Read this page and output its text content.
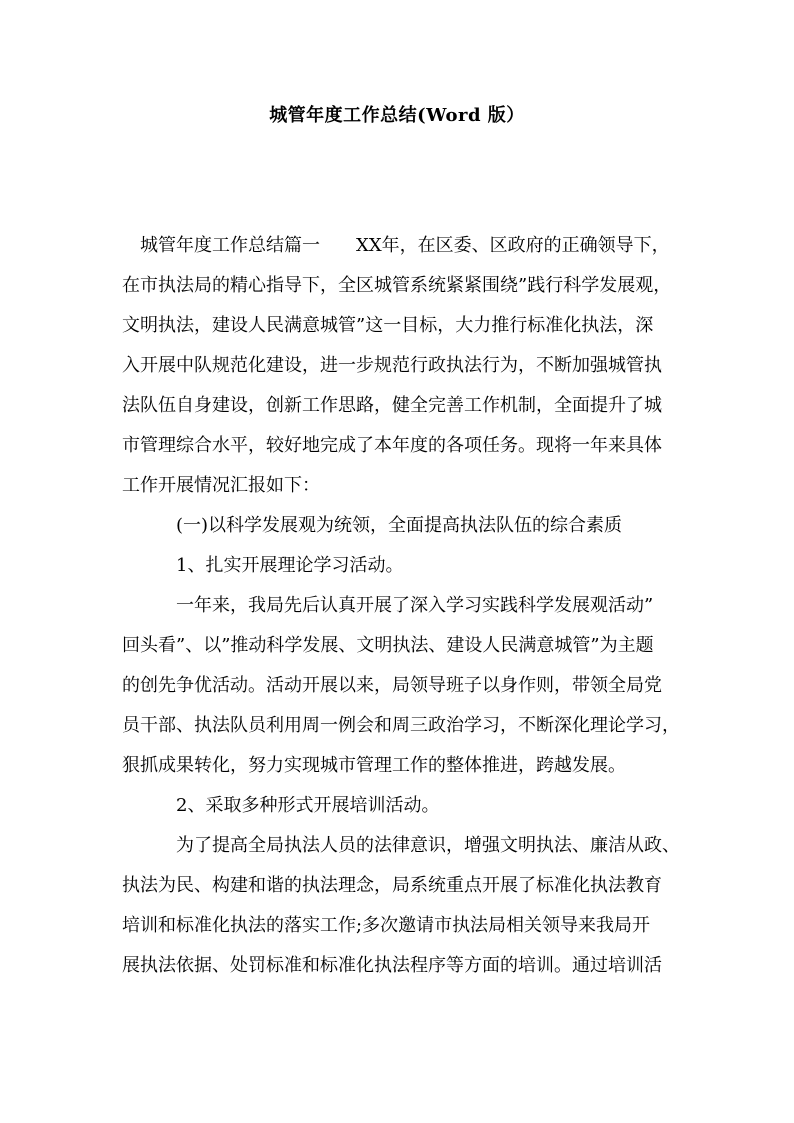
城管年度工作总结(Word 版）
城管年度工作总结篇一　　XX年，在区委、区政府的正确领导下，
在市执法局的精心指导下，全区城管系统紧紧围绕”践行科学发展观，
文明执法，建设人民满意城管”这一目标，大力推行标准化执法，深
入开展中队规范化建设，进一步规范行政执法行为，不断加强城管执
法队伍自身建设，创新工作思路，健全完善工作机制，全面提升了城
市管理综合水平，较好地完成了本年度的各项任务。现将一年来具体
工作开展情况汇报如下：
(一)以科学发展观为统领，全面提高执法队伍的综合素质
1、扎实开展理论学习活动。
一年来，我局先后认真开展了深入学习实践科学发展观活动”
回头看”、以”推动科学发展、文明执法、建设人民满意城管”为主题
的创先争优活动。活动开展以来，局领导班子以身作则，带领全局党
员干部、执法队员利用周一例会和周三政治学习，不断深化理论学习，
狠抓成果转化，努力实现城市管理工作的整体推进，跨越发展。
2、采取多种形式开展培训活动。
为了提高全局执法人员的法律意识，增强文明执法、廉洁从政、
执法为民、构建和谐的执法理念，局系统重点开展了标准化执法教育
培训和标准化执法的落实工作;多次邀请市执法局相关领导来我局开
展执法依据、处罚标准和标准化执法程序等方面的培训。通过培训活
